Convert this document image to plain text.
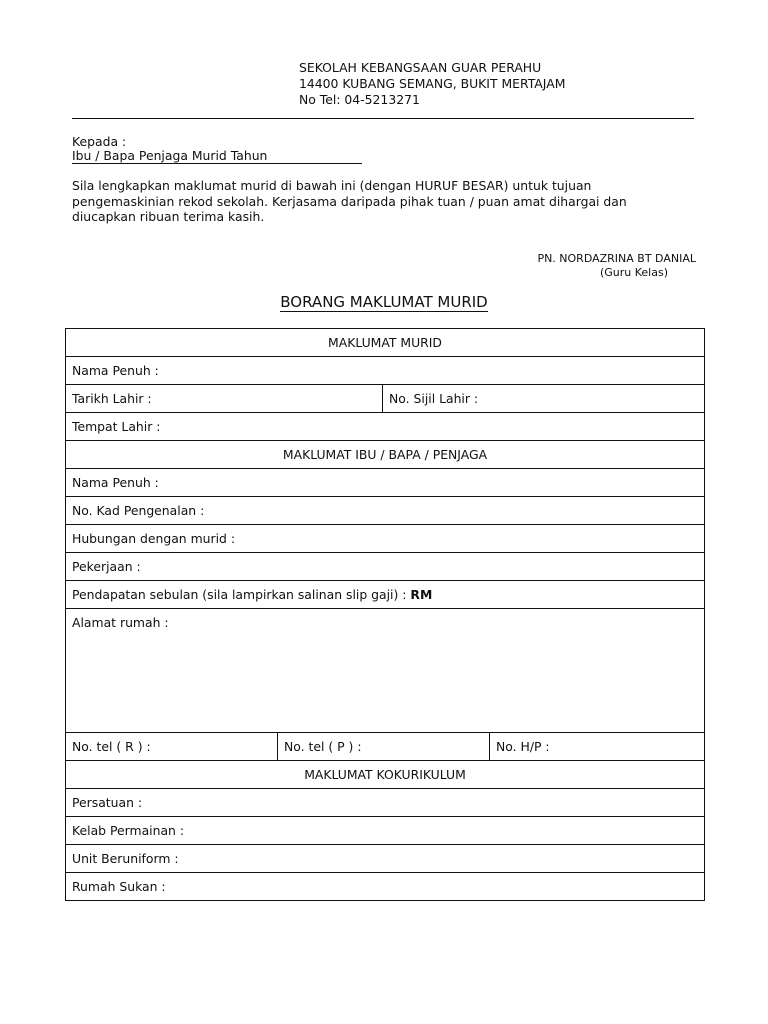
SEKOLAH KEBANGSAAN GUAR PERAHU
14400 KUBANG SEMANG, BUKIT MERTAJAM
No Tel: 04-5213271
Kepada :
Ibu / Bapa Penjaga Murid Tahun
Sila lengkapkan maklumat murid di bawah ini (dengan HURUF BESAR) untuk tujuan
pengemaskinian rekod sekolah. Kerjasama daripada pihak tuan / puan amat dihargai dan
diucapkan ribuan terima kasih.
PN. NORDAZRINA BT DANIAL
(Guru Kelas)
BORANG MAKLUMAT MURID
MAKLUMAT MURID			
Nama Penuh :			
Tarikh Lahir :		No. Sijil Lahir :	
Tempat Lahir :			
MAKLUMAT IBU / BAPA / PENJAGA			
Nama Penuh :			
No. Kad Pengenalan :			
Hubungan dengan murid :			
Pekerjaan :			
Pendapatan sebulan (sila lampirkan salinan slip gaji) : RM			
Alamat rumah :			
No. tel ( R ) :	No. tel ( P ) :		No. H/P :
MAKLUMAT KOKURIKULUM			
Persatuan :			
Kelab Permainan :			
Unit Beruniform :			
Rumah Sukan :			
